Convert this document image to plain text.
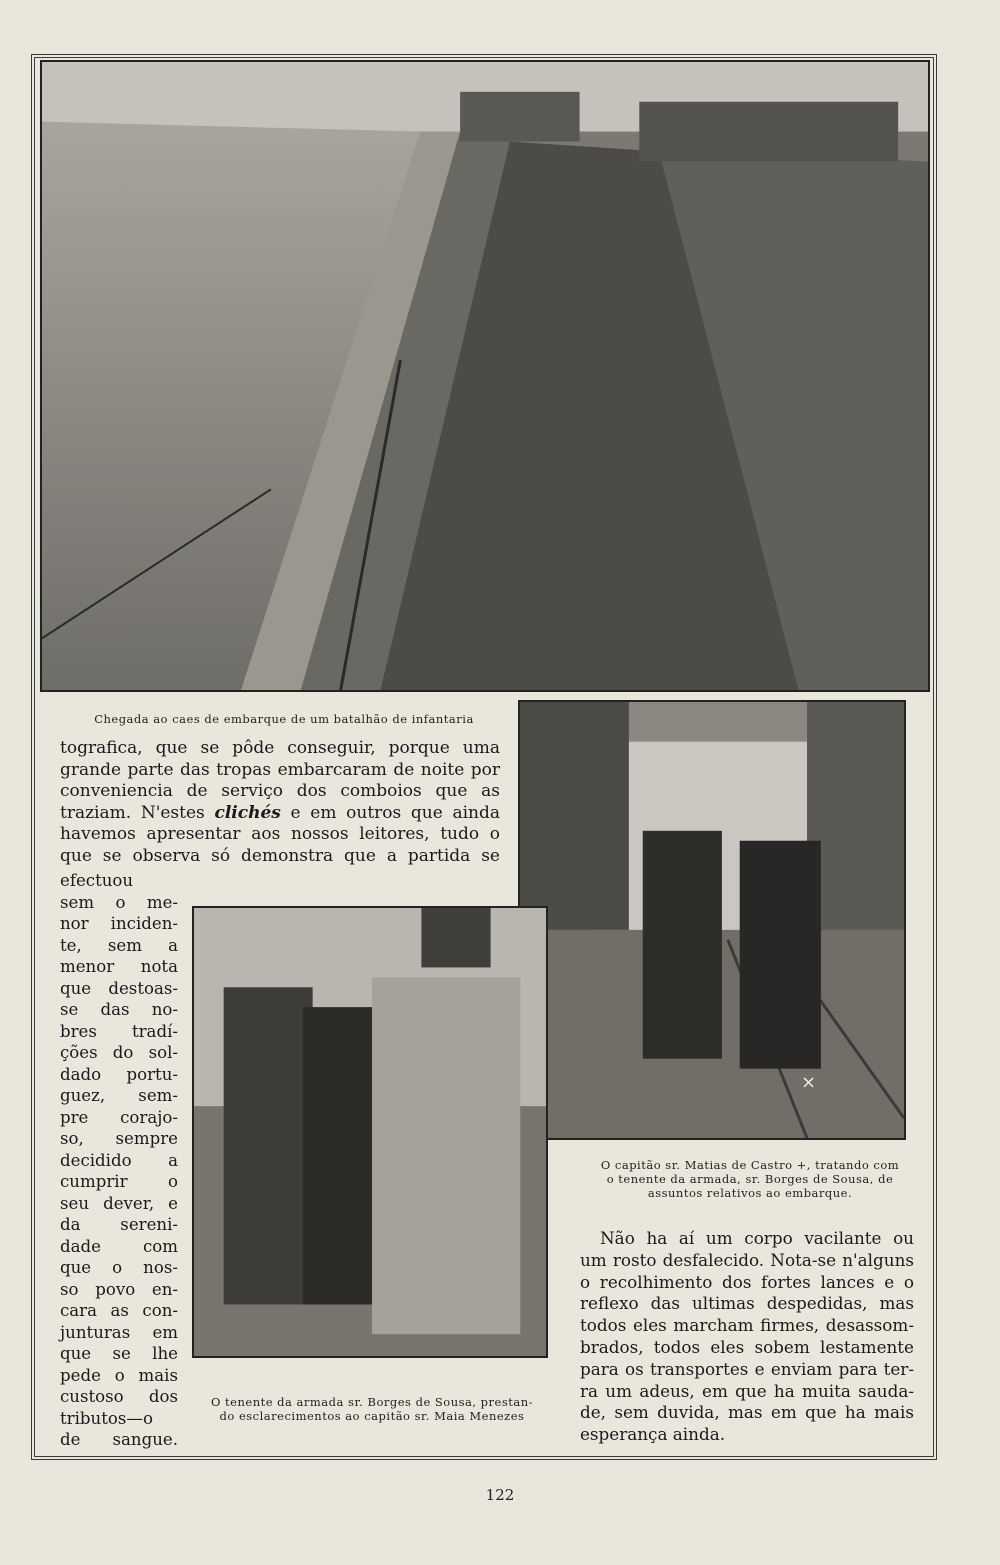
Chegada ao caes de embarque de um batalhão de infantaria
×
O capitão sr. Matias de Castro +, tratando com
o tenente da armada, sr. Borges de Sousa, de
assuntos relativos ao embarque.
O tenente da armada sr. Borges de Sousa, prestan-
do esclarecimentos ao capitão sr. Maia Menezes
tografica, que se pôde conseguir, porque uma
grande parte das tropas embarcaram de noite por
conveniencia de serviço dos comboios que as
traziam. N'estes clichés e em outros que ainda
havemos apresentar aos nossos leitores, tudo o
que se observa só demonstra que a partida se
efectuou
sem o me-
nor inciden-
te, sem a
menor nota
que destoas-
se das no-
bres tradí-
ções do sol-
dado portu-
guez, sem-
pre corajo-
so, sempre
decidido a
cumprir o
seu dever, e
da sereni-
dade com
que o nos-
so povo en-
cara as con-
junturas em
que se lhe
pede o mais
custoso dos
tributos—o
de sangue.
Não ha aí um corpo vacilante ou
um rosto desfalecido. Nota-se n'alguns
o recolhimento dos fortes lances e o
reflexo das ultimas despedidas, mas
todos eles marcham firmes, desassom-
brados, todos eles sobem lestamente
para os transportes e enviam para ter-
ra um adeus, em que ha muita sauda-
de, sem duvida, mas em que ha mais
esperança ainda.
122
